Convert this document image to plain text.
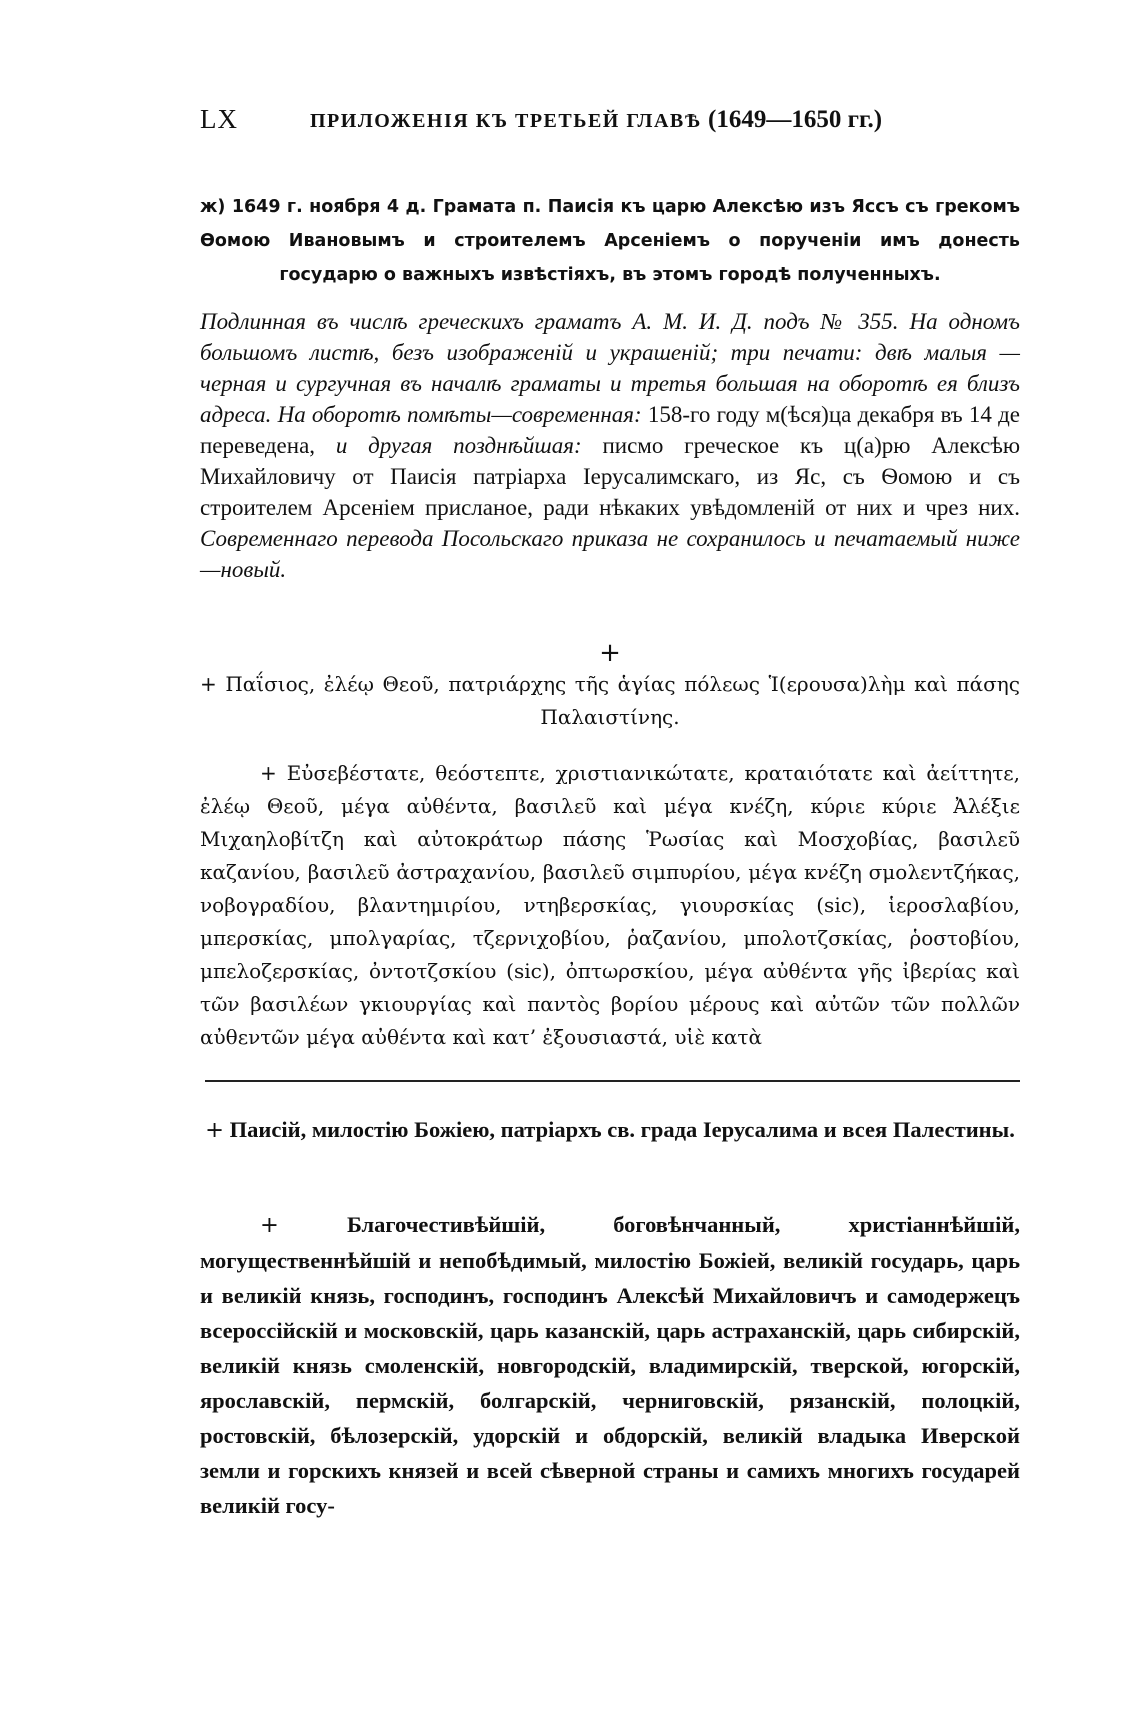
LX	ПРИЛОЖЕНІЯ КЪ ТРЕТЬЕЙ ГЛАВѢ (1649—1650 гг.)
ж) 1649 г. ноября 4 д. Грамата п. Паисія къ царю Алексѣю изъ Яссъ съ грекомъ Ѳомою Ивановымъ и строителемъ Арсеніемъ о порученіи имъ донесть государю о важныхъ извѣстіяхъ, въ этомъ городѣ полученныхъ.
Подлинная въ числѣ греческихъ граматъ А. М. И. Д. подъ № 355. На одномъ большомъ листѣ, безъ изображеній и украшеній; три печати: двѣ малыя — черная и сургучная въ началѣ граматы и третья большая на оборотѣ ея близъ адреса. На оборотѣ помѣты—современная: 158-го году м(ѣся)ца декабря въ 14 де переведена, и другая позднѣйшая: писмо греческое къ ц(а)рю Алексѣю Михайловичу от Паисія патріарха Іерусалимскаго, из Яс, съ Ѳомою и съ строителем Арсеніем присланое, ради нѣкаких увѣдомленій от них и чрез них. Современнаго перевода Посольскаго приказа не сохранилось и печатаемый ниже—новый.
+
+ Παΐσιος, ἐλέῳ Θεοῦ, πατριάρχης τῆς ἁγίας πόλεως Ἱ(ερουσα)λὴμ καὶ πάσης Παλαιστίνης.
+ Εὐσεβέστατε, θεόστεπτε, χριστιανικώτατε, κραταιότατε καὶ ἀείττητε, ἐλέῳ Θεοῦ, μέγα αὐθέντα, βασιλεῦ καὶ μέγα κνέζη, κύριε κύριε Ἀλέξιε Μιχαηλοβίτζη καὶ αὐτοκράτωρ πάσης Ῥωσίας καὶ Μοσχοβίας, βασιλεῦ καζανίου, βασιλεῦ ἀστραχανίου, βασιλεῦ σιμπυρίου, μέγα κνέζη σμολεντζήκας, νοβογραδίου, βλαντημιρίου, ντηβερσκίας, γιουρσκίας (sic), ἱεροσλαβίου, μπερσκίας, μπολγαρίας, τζερνιχοβίου, ῥαζανίου, μπολοτζσκίας, ῥοστοβίου, μπελοζερσκίας, ὀντοτζσκίου (sic), ὀπτωρσκίου, μέγα αὐθέντα γῆς ἰβερίας καὶ τῶν βασιλέων γκιουργίας καὶ παντὸς βορίου μέρους καὶ αὐτῶν τῶν πολλῶν αὐθεντῶν μέγα αὐθέντα καὶ κατ’ ἐξουσιαστά, υἱὲ κατὰ
+ Паисій, милостію Божіею, патріархъ св. града Іерусалима и всея Палестины.
+	Благочестивѣйшій, боговѣнчанный, христіаннѣйшій, могущественнѣйшій и непобѣдимый, милостію Божіей, великій государь, царь и великій князь, господинъ, господинъ Алексѣй Михайловичъ и самодержецъ всероссійскій и московскій, царь казанскій, царь астраханскій, царь сибирскій, великій князь смоленскій, новгородскій, владимирскій, тверской, югорскій, ярославскій, пермскій, болгарскій, черниговскій, рязанскій, полоцкій, ростовскій, бѣлозерскій, удорскій и обдорскій, великій владыка Иверской земли и горскихъ князей и всей сѣверной страны и самихъ многихъ государей великій госу-
